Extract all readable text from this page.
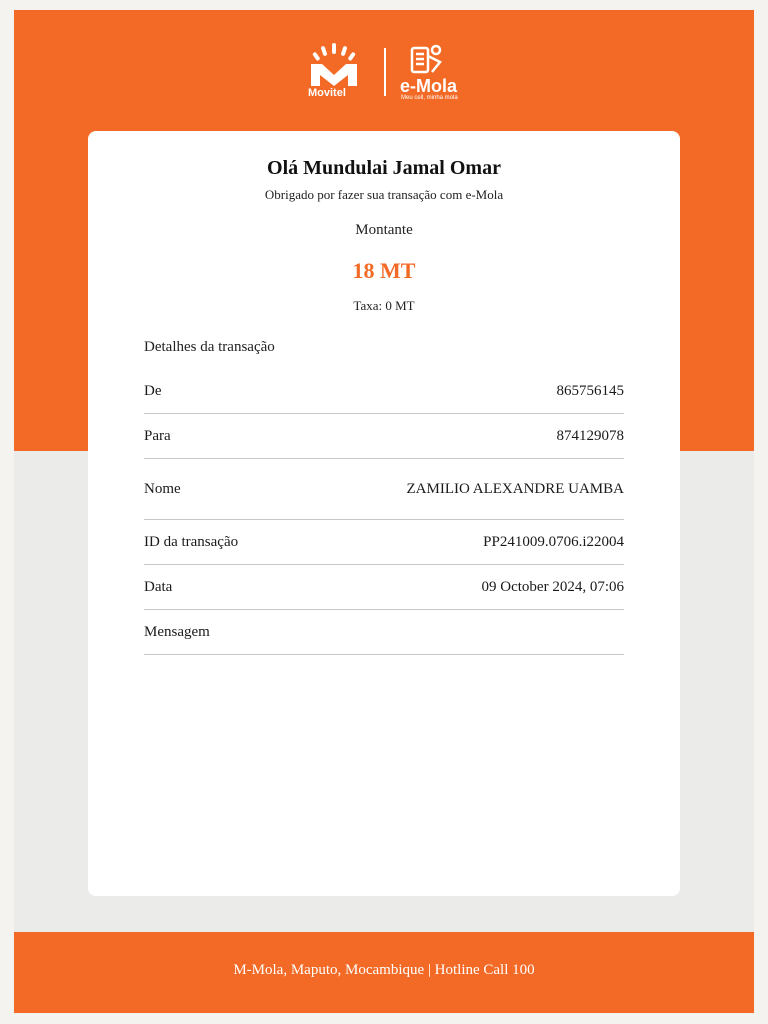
Movitel	e-Mola
Meu cell, minha mola
M-Mola, Maputo, Mocambique | Hotline Call 100
Olá Mundulai Jamal Omar
Obrigado por fazer sua transação com e-Mola
Montante
18 MT
Taxa: 0 MT
Detalhes da transação
De	865756145
Para	874129078
Nome	ZAMILIO ALEXANDRE UAMBA
ID da transação	PP241009.0706.i22004
Data	09 October 2024, 07:06
Mensagem
